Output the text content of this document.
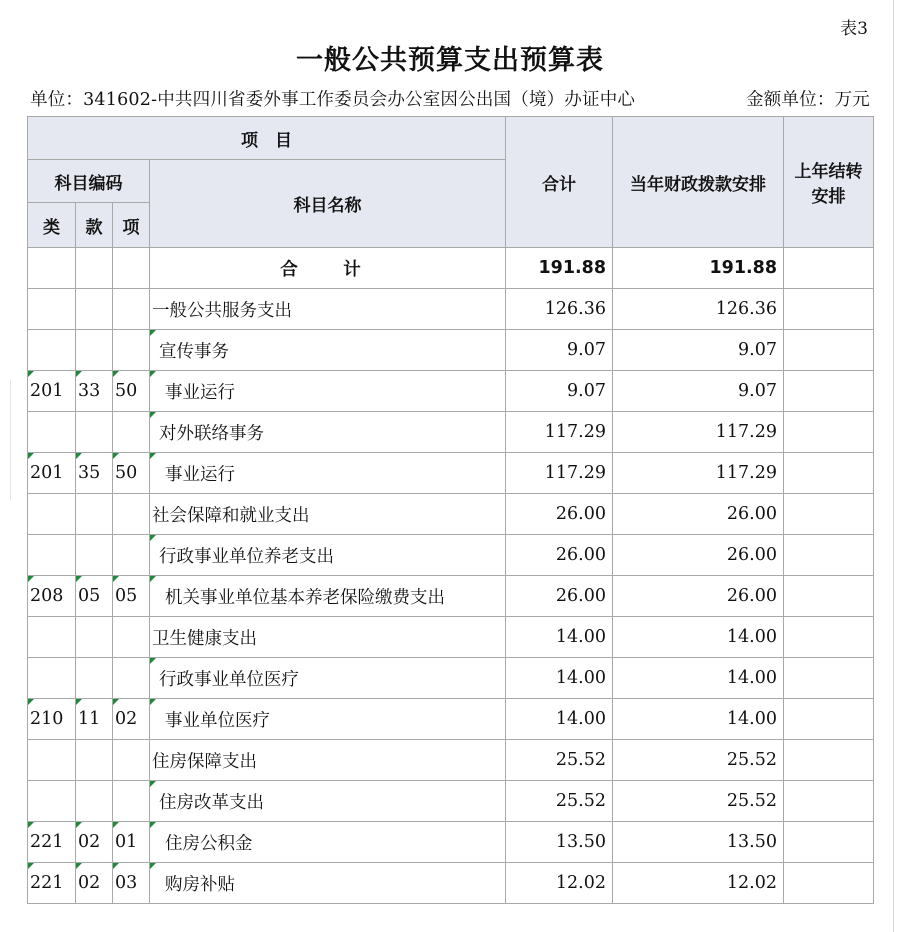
表3
一般公共预算支出预算表
单位：341602-中共四川省委外事工作委员会办公室因公出国（境）办证中心	金额单位：万元
项　目				合计	当年财政拨款安排	上年结转安排
科目编码			科目名称			
类	款	项				
			合　计	191.88	191.88	
			一般公共服务支出	126.36	126.36	
			宣传事务	9.07	9.07	
201	33	50	事业运行	9.07	9.07	
			对外联络事务	117.29	117.29	
201	35	50	事业运行	117.29	117.29	
			社会保障和就业支出	26.00	26.00	
			行政事业单位养老支出	26.00	26.00	
208	05	05	机关事业单位基本养老保险缴费支出	26.00	26.00	
			卫生健康支出	14.00	14.00	
			行政事业单位医疗	14.00	14.00	
210	11	02	事业单位医疗	14.00	14.00	
			住房保障支出	25.52	25.52	
			住房改革支出	25.52	25.52	
221	02	01	住房公积金	13.50	13.50	
221	02	03	购房补贴	12.02	12.02	
